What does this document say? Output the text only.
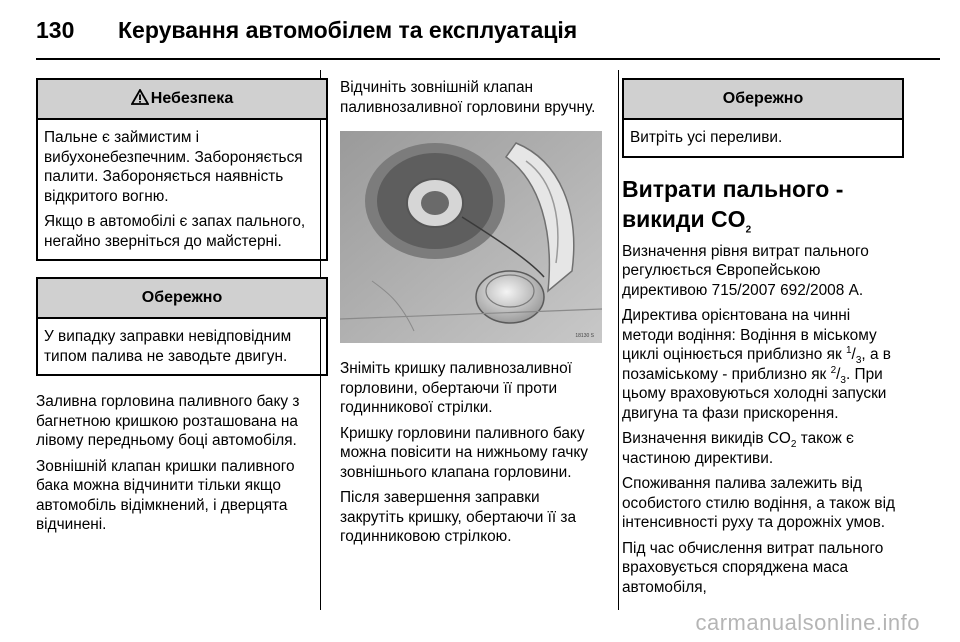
130 Керування автомобілем та експлуатація
Небезпека

Пальне є займистим і вибухонебезпечним. Забороняється палити. Забороняється наявність відкритого вогню.

Якщо в автомобілі є запах пального, негайно зверніться до майстерні.

Обережно

У випадку заправки невідповідним типом палива не заводьте двигун.

Заливна горловина паливного баку з багнетною кришкою розташована на лівому передньому боці автомобіля.

Зовнішній клапан кришки паливного бака можна відчинити тільки якщо автомобіль відімкнений, і дверцята відчинені.

Відчиніть зовнішній клапан паливнозаливної горловини вручну.

18130 S

Зніміть кришку паливнозаливної горловини, обертаючи її проти годинникової стрілки.

Кришку горловини паливного баку можна повісити на нижньому гачку зовнішнього клапана горловини.

Після завершення заправки закрутіть кришку, обертаючи її за годинниковою стрілкою.

Обережно

Витріть усі переливи.

Витрати пального -
викиди $CO_2$

Визначення рівня витрат пального регулюється Європейською директивою 715/2007 692/2008 A.

Директива орієнтована на чинні методи водіння: Водіння в міському циклі оцінюється приблизно як $^1/_3$, а в позаміському - приблизно як $^2/_3$. При цьому враховуються холодні запуски двигуна та фази прискорення.

Визначення викидів $CO_2$ також є частиною директиви.

Споживання палива залежить від особистого стилю водіння, а також від інтенсивності руху та дорожніх умов.

Під час обчислення витрат пального враховується споряджена маса автомобіля,

carmanualsonline.info
